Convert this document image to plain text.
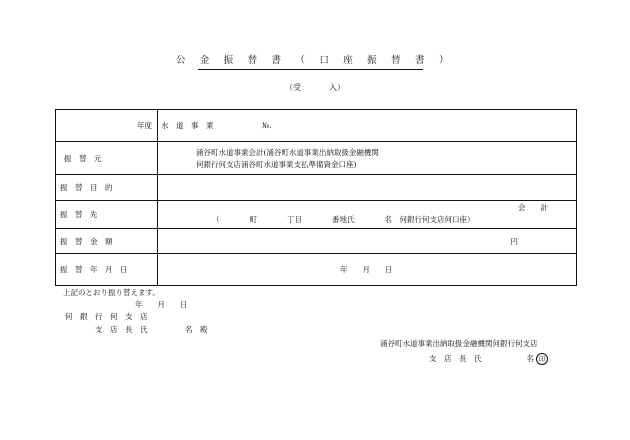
公 金 振 替 書 （ 口 座 振 替 書 ）
（受	入）
年度	水　道　事　業 №.

振　替　元	涌谷町水道事業会計(涌谷町水道事業出納取扱金融機関
何銀行何支店涌谷町水道事業支払準備資金口座)

振　替　目　的	

振　替　先	会　　計
（　　　　町　　　　丁目　　　　番地氏　　　　名　何銀行何支店何口座）

振　替　金　額	円

振　替　年　月　日	年　　月　　日
上記のとおり振り替えます。
年　　月　　日
何　銀　行　何　支　店
支　店　長　氏　　　　　名　殿
涌谷町水道事業出納取扱金融機関何銀行何支店
支　店　長　氏　　　　　　名 印
